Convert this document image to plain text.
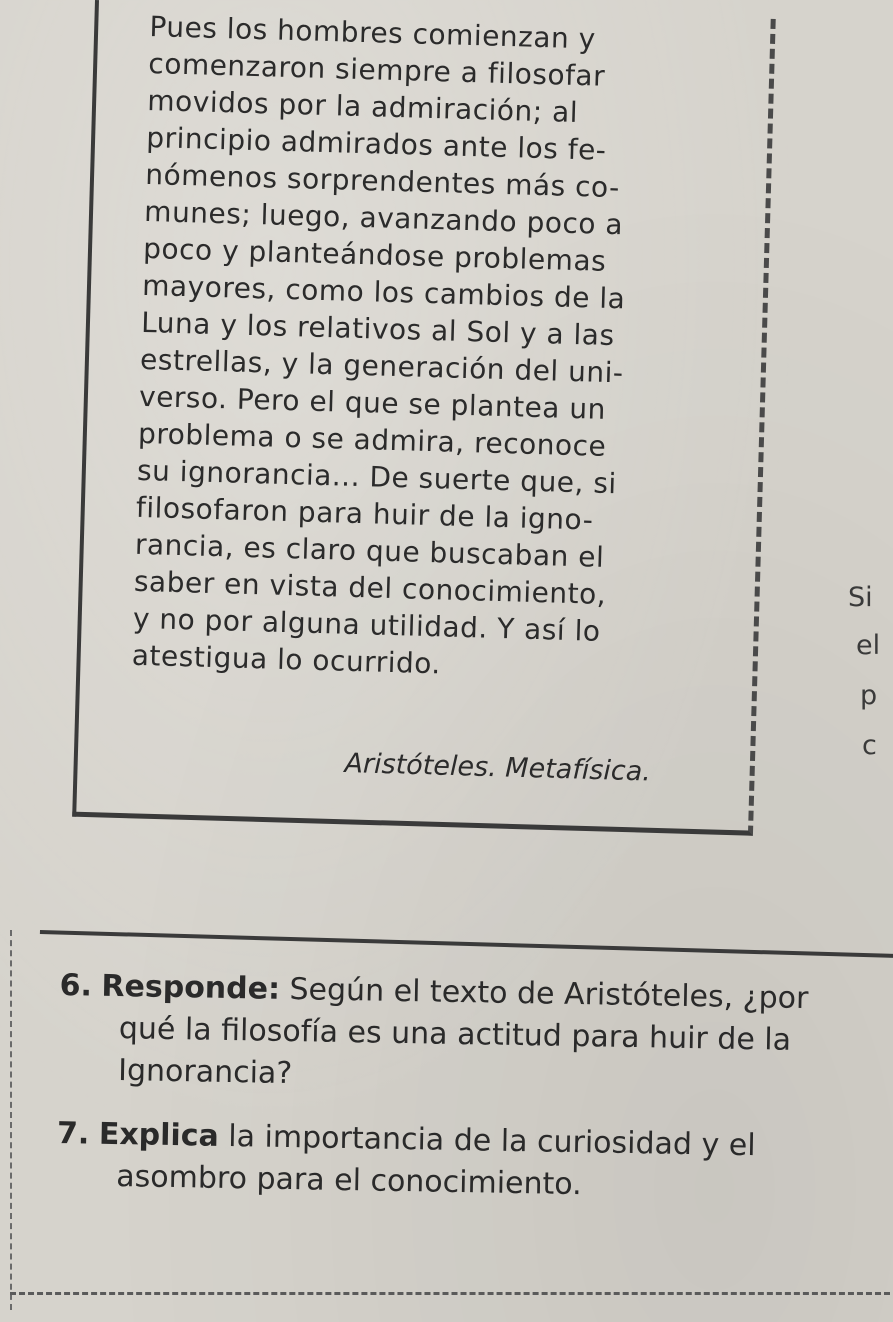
Pues los hombres comienzan y
comenzaron siempre a filosofar
movidos por la admiración; al
principio admirados ante los fe-
nómenos sorprendentes más co-
munes; luego, avanzando poco a
poco y planteándose problemas
mayores, como los cambios de la
Luna y los relativos al Sol y a las
estrellas, y la generación del uni-
verso. Pero el que se plantea un
problema o se admira, reconoce
su ignorancia... De suerte que, si
filosofaron para huir de la igno-
rancia, es claro que buscaban el
saber en vista del conocimiento,
y no por alguna utilidad. Y así lo
atestigua lo ocurrido.
Aristóteles. Metafísica.
Si
el
p
c
6. Responde: Según el texto de Aristóteles, ¿por
qué la filosofía es una actitud para huir de la
Ignorancia?
7. Explica la importancia de la curiosidad y el
asombro para el conocimiento.
